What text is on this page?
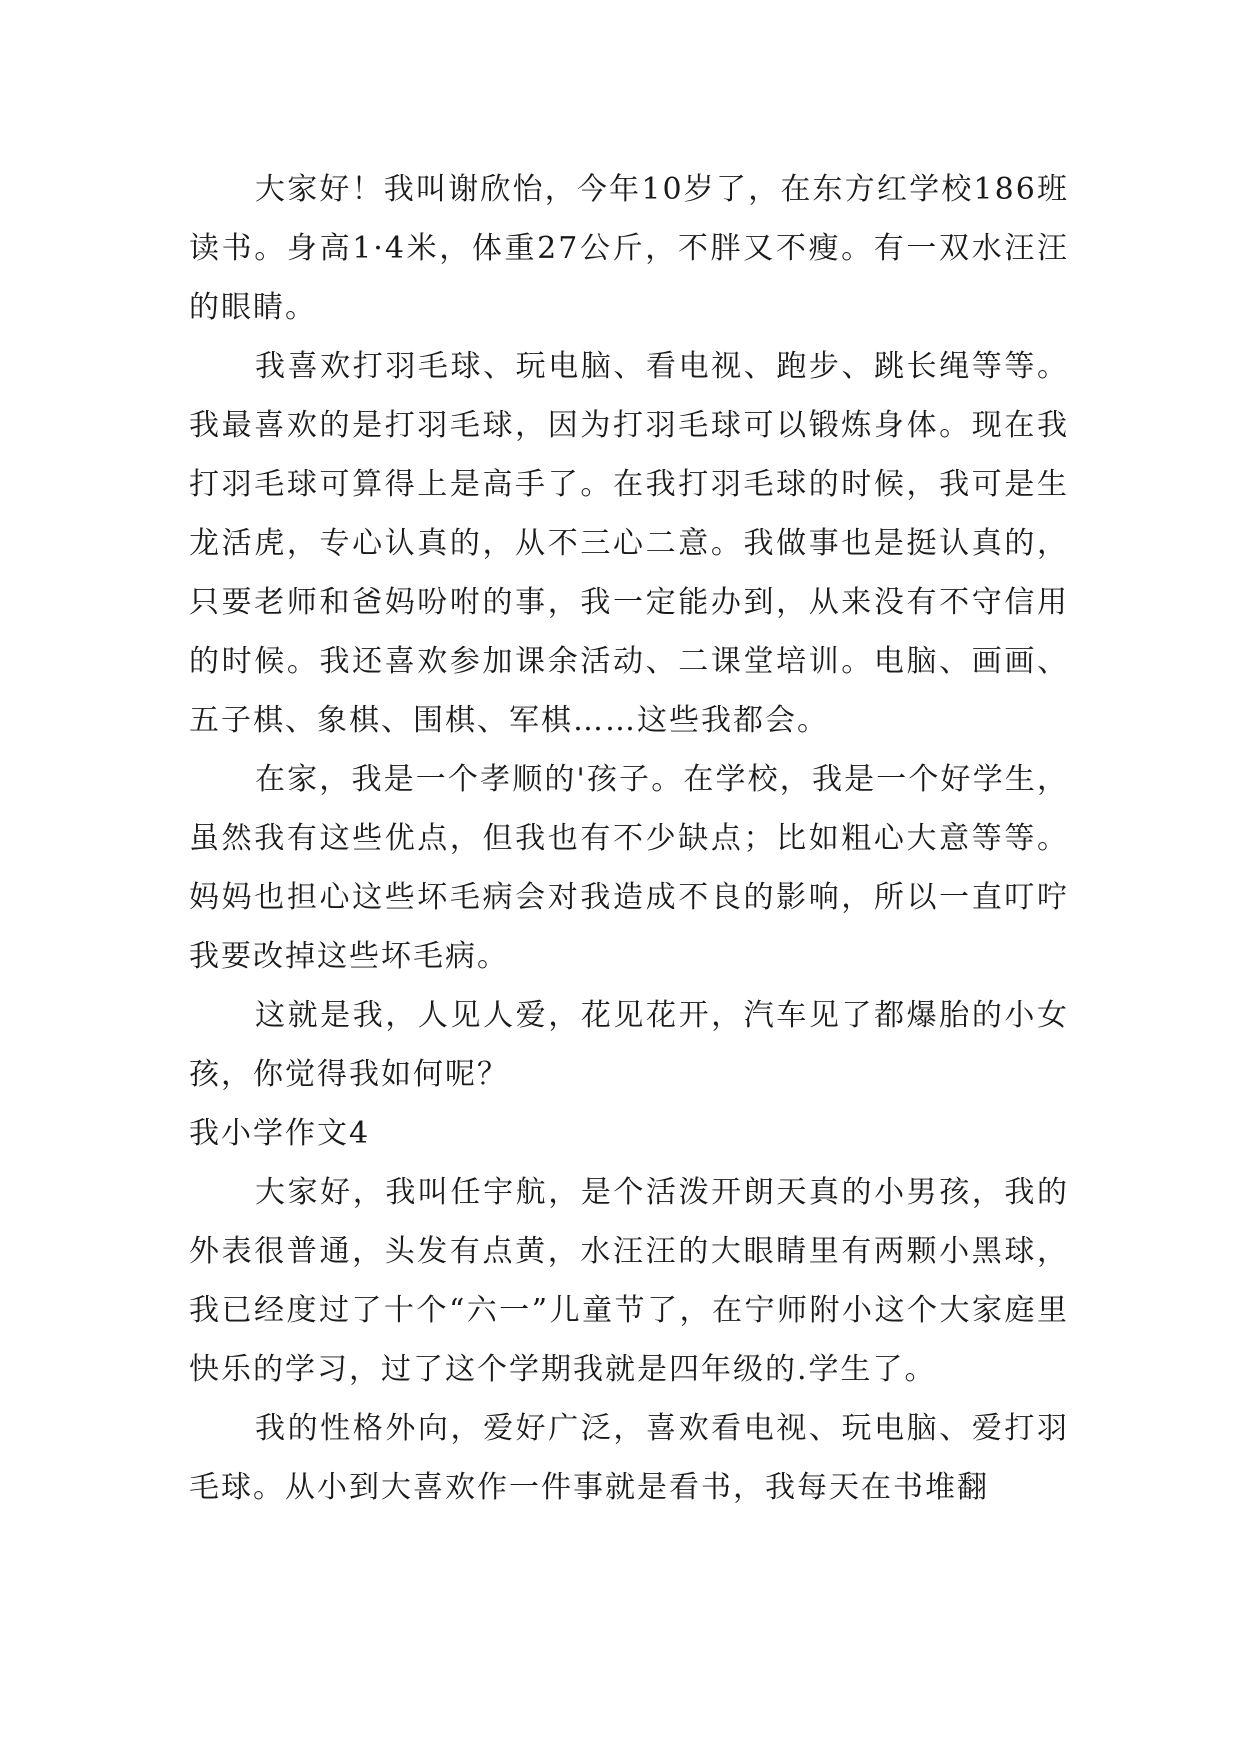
大家好！我叫谢欣怡，今年10岁了，在东方红学校186班读书。身高1·4米，体重27公斤，不胖又不瘦。有一双水汪汪的眼睛。

我喜欢打羽毛球、玩电脑、看电视、跑步、跳长绳等等。我最喜欢的是打羽毛球，因为打羽毛球可以锻炼身体。现在我打羽毛球可算得上是高手了。在我打羽毛球的时候，我可是生龙活虎，专心认真的，从不三心二意。我做事也是挺认真的，只要老师和爸妈吩咐的事，我一定能办到，从来没有不守信用的时候。我还喜欢参加课余活动、二课堂培训。电脑、画画、五子棋、象棋、围棋、军棋……这些我都会。

在家，我是一个孝顺的'孩子。在学校，我是一个好学生，虽然我有这些优点，但我也有不少缺点；比如粗心大意等等。妈妈也担心这些坏毛病会对我造成不良的影响，所以一直叮咛我要改掉这些坏毛病。

这就是我，人见人爱，花见花开，汽车见了都爆胎的小女孩，你觉得我如何呢？

我小学作文4

大家好，我叫任宇航，是个活泼开朗天真的小男孩，我的外表很普通，头发有点黄，水汪汪的大眼睛里有两颗小黑球，我已经度过了十个“六一”儿童节了，在宁师附小这个大家庭里快乐的学习，过了这个学期我就是四年级的.学生了。

我的性格外向，爱好广泛，喜欢看电视、玩电脑、爱打羽毛球。从小到大喜欢作一件事就是看书，我每天在书堆翻
